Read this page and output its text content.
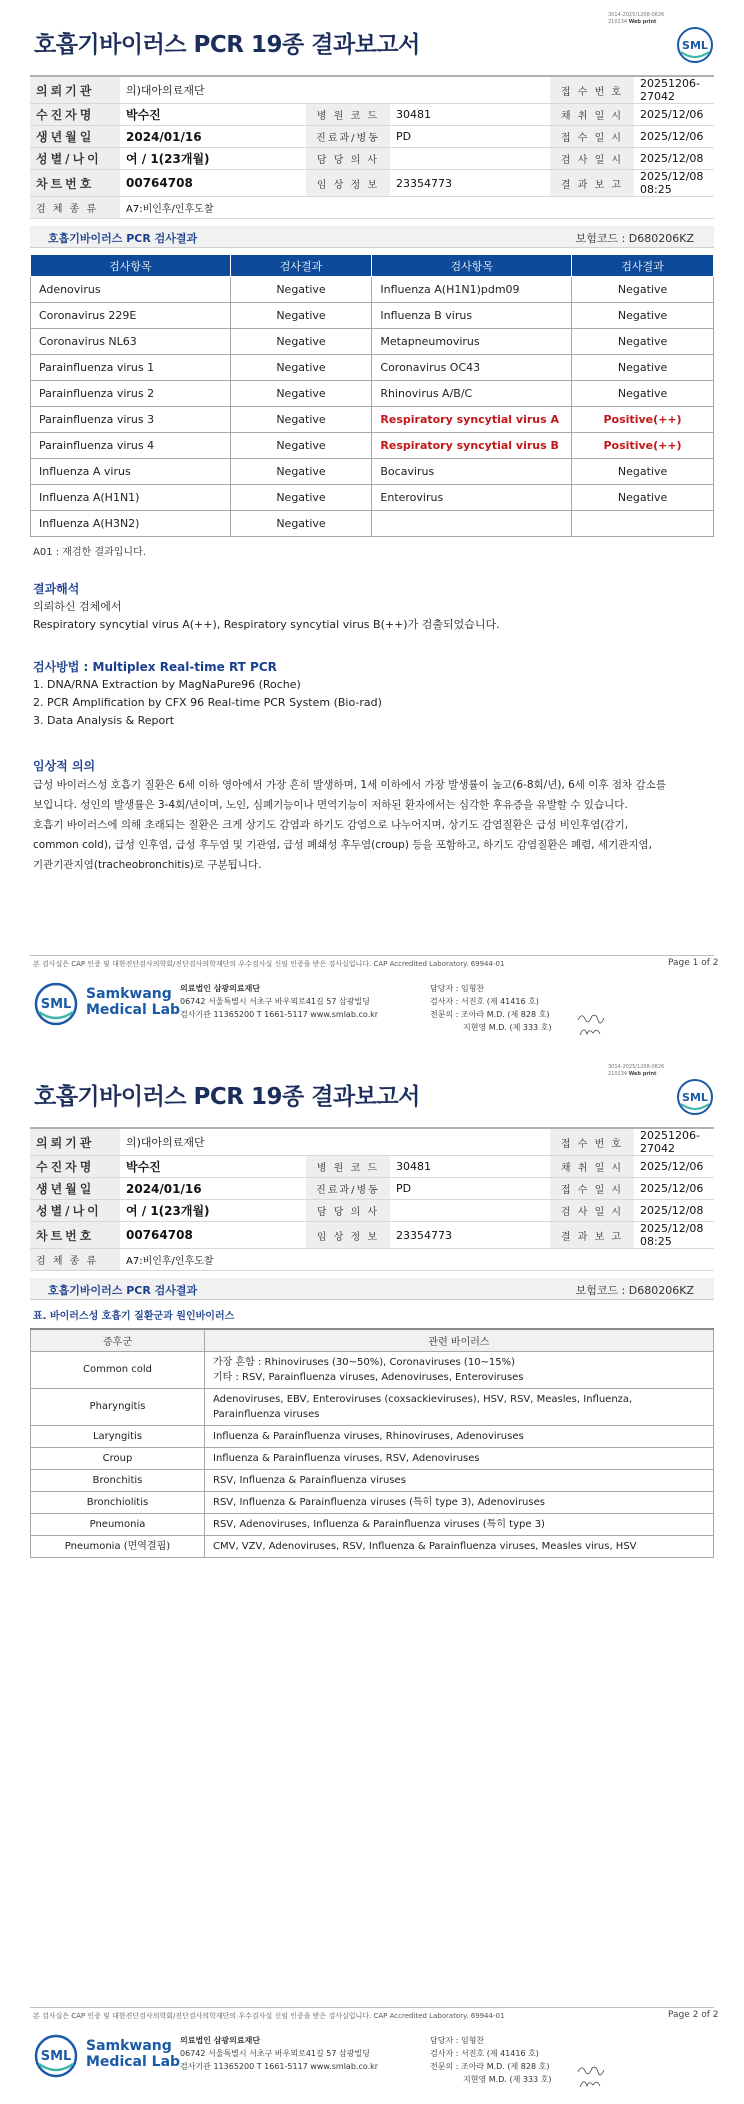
3014-2025/1208-0826
210234 Web print
호흡기바이러스 PCR 19종 결과보고서	SML
의뢰기관	의)대아의료재단			접 수 번 호	20251206-27042
수진자명	박수진	병 원 코 드	30481	채 취 일 시	2025/12/06
생년월일	2024/01/16	진료과/병동	PD	접 수 일 시	2025/12/06
성별/나이	여 / 1(23개월)	담 당 의 사		검 사 일 시	2025/12/08
차트번호	00764708	임 상 정 보	23354773	결 과 보 고	2025/12/08 08:25
검 체 종 류	A7:비인후/인후도찰				
호흡기바이러스 PCR 검사결과	보험코드 : D680206KZ
검사항목	검사결과	검사항목	검사결과
Adenovirus	Negative	Influenza A(H1N1)pdm09	Negative
Coronavirus 229E	Negative	Influenza B virus	Negative
Coronavirus NL63	Negative	Metapneumovirus	Negative
Parainfluenza virus 1	Negative	Coronavirus OC43	Negative
Parainfluenza virus 2	Negative	Rhinovirus A/B/C	Negative
Parainfluenza virus 3	Negative	Respiratory syncytial virus A	Positive(++)
Parainfluenza virus 4	Negative	Respiratory syncytial virus B	Positive(++)
Influenza A virus	Negative	Bocavirus	Negative
Influenza A(H1N1)	Negative	Enterovirus	Negative
Influenza A(H3N2)	Negative		
A01 : 재검한 결과입니다.
결과해석
의뢰하신 검체에서
Respiratory syncytial virus A(++), Respiratory syncytial virus B(++)가 검출되었습니다.
검사방법 : Multiplex Real-time RT PCR
1. DNA/RNA Extraction by MagNaPure96 (Roche)
2. PCR Amplification by CFX 96 Real-time PCR System (Bio-rad)
3. Data Analysis & Report
임상적 의의
급성 바이러스성 호흡기 질환은 6세 이하 영아에서 가장 흔히 발생하며, 1세 이하에서 가장 발생률이 높고(6-8회/년), 6세 이후 점차 감소를
보입니다. 성인의 발생률은 3-4회/년이며, 노인, 심폐기능이나 면역기능이 저하된 환자에서는 심각한 후유증을 유발할 수 있습니다.
호흡기 바이러스에 의해 초래되는 질환은 크게 상기도 감염과 하기도 감염으로 나누어지며, 상기도 감염질환은 급성 비인후염(감기,
common cold), 급성 인후염, 급성 후두염 및 기관염, 급성 폐쇄성 후두염(croup) 등을 포함하고, 하기도 감염질환은 폐렴, 세기관지염,
기관기관지염(tracheobronchitis)로 구분됩니다.
본 검사실은 CAP 인증 및 대한진단검사의학회/진단검사의학재단의 우수검사실 신임 인증을 받은 검사실입니다. CAP Accredited Laboratory. 69944-01	Page 1 of 2
SML
Samkwang
Medical Lab
의료법인 삼광의료재단
06742 서울특별시 서초구 바우뫼로41길 57 삼광빌딩
검사기관 11365200 T 1661-5117 www.smlab.co.kr
담당자 : 임형찬
검사자 : 서진호 (제 41416 호)
전문의 : 조아라 M.D. (제 828 호)
지현영 M.D. (제 333 호)
3014-2025/1208-0826
210234 Web print
호흡기바이러스 PCR 19종 결과보고서	SML
의뢰기관	의)대아의료재단			접 수 번 호	20251206-27042
수진자명	박수진	병 원 코 드	30481	채 취 일 시	2025/12/06
생년월일	2024/01/16	진료과/병동	PD	접 수 일 시	2025/12/06
성별/나이	여 / 1(23개월)	담 당 의 사		검 사 일 시	2025/12/08
차트번호	00764708	임 상 정 보	23354773	결 과 보 고	2025/12/08 08:25
검 체 종 류	A7:비인후/인후도찰				
호흡기바이러스 PCR 검사결과	보험코드 : D680206KZ
표. 바이러스성 호흡기 질환군과 원인바이러스
증후군	관련 바이러스
Common cold	가장 흔함 : Rhinoviruses (30~50%), Coronaviruses (10~15%)
기타 : RSV, Parainfluenza viruses, Adenoviruses, Enteroviruses

Pharyngitis	Adenoviruses, EBV, Enteroviruses (coxsackieviruses), HSV, RSV, Measles, Influenza,
Parainfluenza viruses

Laryngitis	Influenza & Parainfluenza viruses, Rhinoviruses, Adenoviruses
Croup	Influenza & Parainfluenza viruses, RSV, Adenoviruses
Bronchitis	RSV, Influenza & Parainfluenza viruses
Bronchiolitis	RSV, Influenza & Parainfluenza viruses (특히 type 3), Adenoviruses
Pneumonia	RSV, Adenoviruses, Influenza & Parainfluenza viruses (특히 type 3)
Pneumonia (면역결핍)	CMV, VZV, Adenoviruses, RSV, Influenza & Parainfluenza viruses, Measles virus, HSV
본 검사실은 CAP 인증 및 대한진단검사의학회/진단검사의학재단의 우수검사실 신임 인증을 받은 검사실입니다. CAP Accredited Laboratory. 69944-01	Page 2 of 2
SML
Samkwang
Medical Lab
의료법인 삼광의료재단
06742 서울특별시 서초구 바우뫼로41길 57 삼광빌딩
검사기관 11365200 T 1661-5117 www.smlab.co.kr
담당자 : 임형찬
검사자 : 서진호 (제 41416 호)
전문의 : 조아라 M.D. (제 828 호)
지현영 M.D. (제 333 호)
